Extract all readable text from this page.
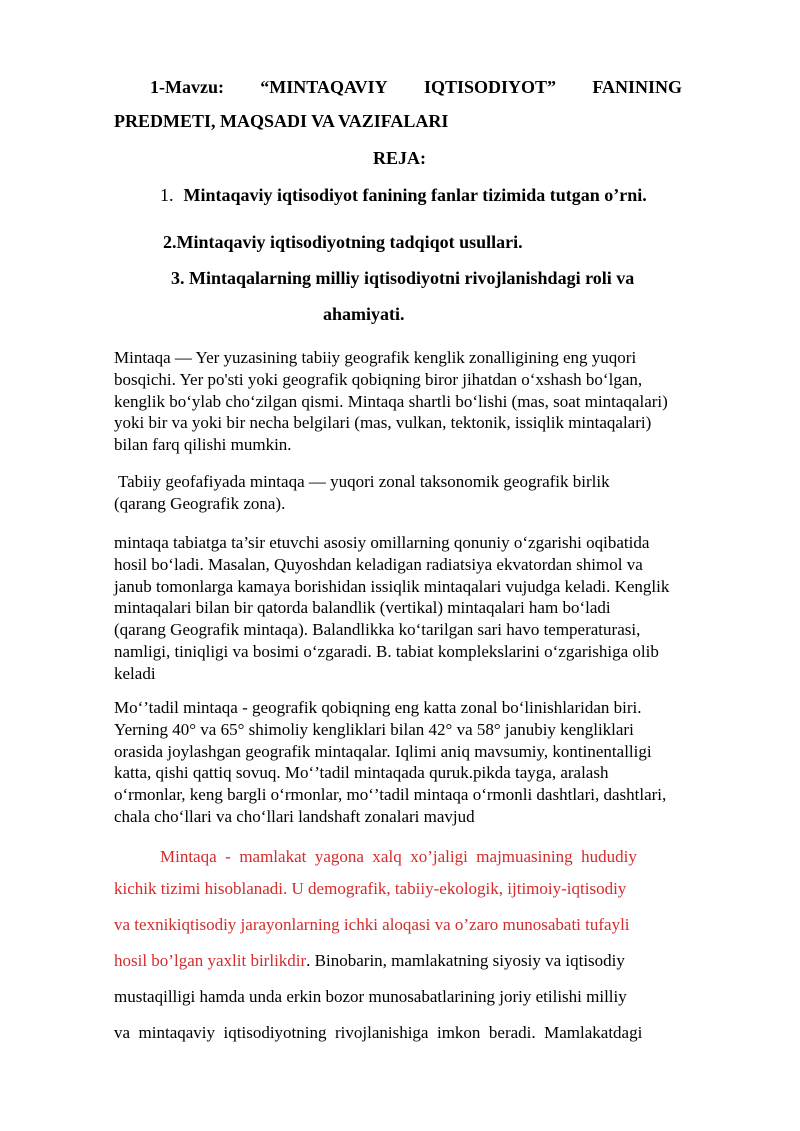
1-Mavzu: “MINTAQAVIY IQTISODIYOT” FANINING
PREDMETI, MAQSADI VA VAZIFALARI
REJA:
1. Mintaqaviy iqtisodiyot fanining fanlar tizimida tutgan o’rni.
2.Mintaqaviy iqtisodiyotning tadqiqot usullari.
3. Mintaqalarning milliy iqtisodiyotni rivojlanishdagi roli va
ahamiyati.
Mintaqa — Yer yuzasining tabiiy geografik kenglik zonalligining eng yuqori
bosqichi. Yer po'sti yoki geografik qobiqning biror jihatdan o‘xshash bo‘lgan,
kenglik bo‘ylab cho‘zilgan qismi. Mintaqa shartli bo‘lishi (mas, soat mintaqalari)
yoki bir va yoki bir necha belgilari (mas, vulkan, tektonik, issiqlik mintaqalari)
bilan farq qilishi mumkin.
Tabiiy geofafiyada mintaqa — yuqori zonal taksonomik geografik birlik
(qarang Geografik zona).
mintaqa tabiatga ta’sir etuvchi asosiy omillarning qonuniy o‘zgarishi oqibatida
hosil bo‘ladi. Masalan, Quyoshdan keladigan radiatsiya ekvatordan shimol va
janub tomonlarga kamaya borishidan issiqlik mintaqalari vujudga keladi. Kenglik
mintaqalari bilan bir qatorda balandlik (vertikal) mintaqalari ham bo‘ladi
(qarang Geografik mintaqa). Balandlikka ko‘tarilgan sari havo temperaturasi,
namligi, tiniqligi va bosimi o‘zgaradi. B. tabiat komplekslarini o‘zgarishiga olib
keladi
Mo‘’tadil mintaqa - geografik qobiqning eng katta zonal bo‘linishlaridan biri.
Yerning 40° va 65° shimoliy kengliklari bilan 42° va 58° janubiy kengliklari
orasida joylashgan geografik mintaqalar. Iqlimi aniq mavsumiy, kontinentalligi
katta, qishi qattiq sovuq. Mo‘’tadil mintaqada quruk.pikda tayga, aralash
o‘rmonlar, keng bargli o‘rmonlar, mo‘’tadil mintaqa o‘rmonli dashtlari, dashtlari,
chala cho‘llari va cho‘llari landshaft zonalari mavjud
Mintaqa  -  mamlakat  yagona  xalq  xo’jaligi  majmuasining  hududiy
kichik tizimi hisoblanadi. U demografik, tabiiy-ekologik, ijtimoiy-iqtisodiy
va texnikiqtisodiy jarayonlarning ichki aloqasi va o’zaro munosabati tufayli
hosil bo’lgan yaxlit birlikdir . Binobarin, mamlakatning siyosiy va iqtisodiy
mustaqilligi hamda unda erkin bozor munosabatlarining joriy etilishi milliy
va  mintaqaviy  iqtisodiyotning  rivojlanishiga  imkon  beradi.  Mamlakatdagi
